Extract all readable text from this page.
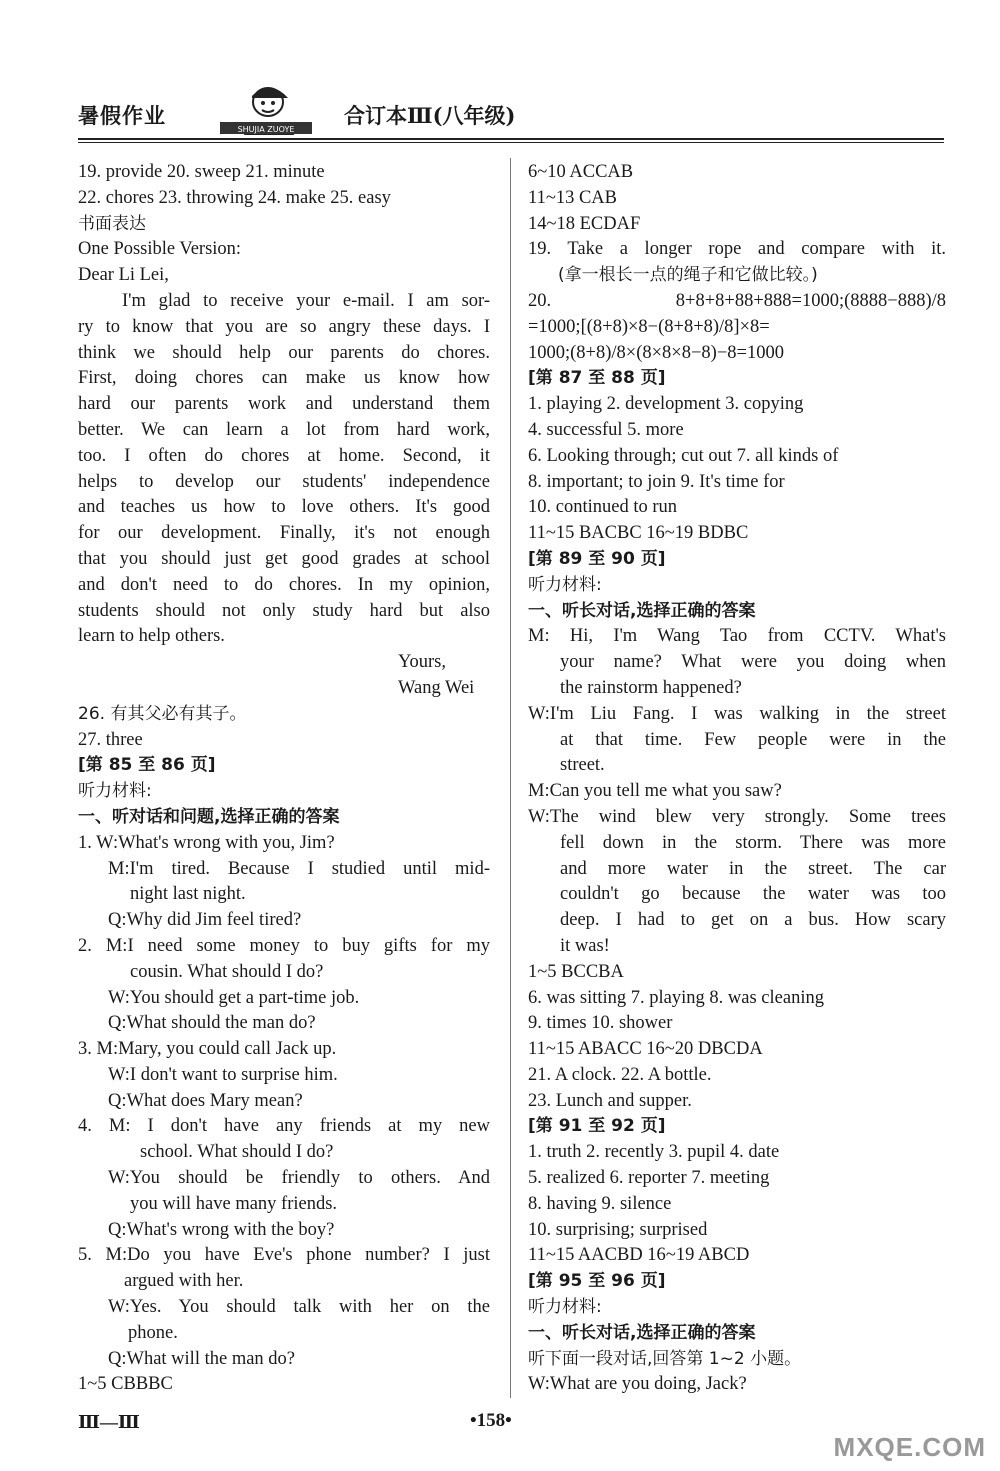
暑假作业
SHUJIA ZUOYE
合订本Ⅲ(八年级)
19. provide 20. sweep 21. minute
22. chores 23. throwing 24. make 25. easy
书面表达
One Possible Version:
Dear Li Lei,
I'm glad to receive your e-mail. I am sor-
ry to know that you are so angry these days. I
think we should help our parents do chores.
First, doing chores can make us know how
hard our parents work and understand them
better. We can learn a lot from hard work,
too. I often do chores at home. Second, it
helps to develop our students' independence
and teaches us how to love others. It's good
for our development. Finally, it's not enough
that you should just get good grades at school
and don't need to do chores. In my opinion,
students should not only study hard but also
learn to help others.
Yours,
Wang Wei
26. 有其父必有其子。
27. three
[第 85 至 86 页]
听力材料:
一、听对话和问题,选择正确的答案
1. W:What's wrong with you, Jim?
M:I'm tired. Because I studied until mid-
night last night.
Q:Why did Jim feel tired?
2. M:I need some money to buy gifts for my
cousin. What should I do?
W:You should get a part-time job.
Q:What should the man do?
3. M:Mary, you could call Jack up.
W:I don't want to surprise him.
Q:What does Mary mean?
4. M: I don't have any friends at my new
school. What should I do?
W:You should be friendly to others. And
you will have many friends.
Q:What's wrong with the boy?
5. M:Do you have Eve's phone number? I just
argued with her.
W:Yes. You should talk with her on the
phone.
Q:What will the man do?
1~5 CBBBC
6~10 ACCAB
11~13 CAB
14~18 ECDAF
19. Take a longer rope and compare with it.
(拿一根长一点的绳子和它做比较。)
20. 8+8+8+88+888=1000;(8888−888)/8
=1000;[(8+8)×8−(8+8+8)/8]×8=
1000;(8+8)/8×(8×8×8−8)−8=1000
[第 87 至 88 页]
1. playing 2. development 3. copying
4. successful 5. more
6. Looking through; cut out 7. all kinds of
8. important; to join 9. It's time for
10. continued to run
11~15 BACBC 16~19 BDBC
[第 89 至 90 页]
听力材料:
一、听长对话,选择正确的答案
M: Hi, I'm Wang Tao from CCTV. What's
your name? What were you doing when
the rainstorm happened?
W:I'm Liu Fang. I was walking in the street
at that time. Few people were in the
street.
M:Can you tell me what you saw?
W:The wind blew very strongly. Some trees
fell down in the storm. There was more
and more water in the street. The car
couldn't go because the water was too
deep. I had to get on a bus. How scary
it was!
1~5 BCCBA
6. was sitting 7. playing 8. was cleaning
9. times 10. shower
11~15 ABACC 16~20 DBCDA
21. A clock. 22. A bottle.
23. Lunch and supper.
[第 91 至 92 页]
1. truth 2. recently 3. pupil 4. date
5. realized 6. reporter 7. meeting
8. having 9. silence
10. surprising; surprised
11~15 AACBD 16~19 ABCD
[第 95 至 96 页]
听力材料:
一、听长对话,选择正确的答案
听下面一段对话,回答第 1~2 小题。
W:What are you doing, Jack?
Ⅲ—Ⅲ	•158•
MXQE.COM
